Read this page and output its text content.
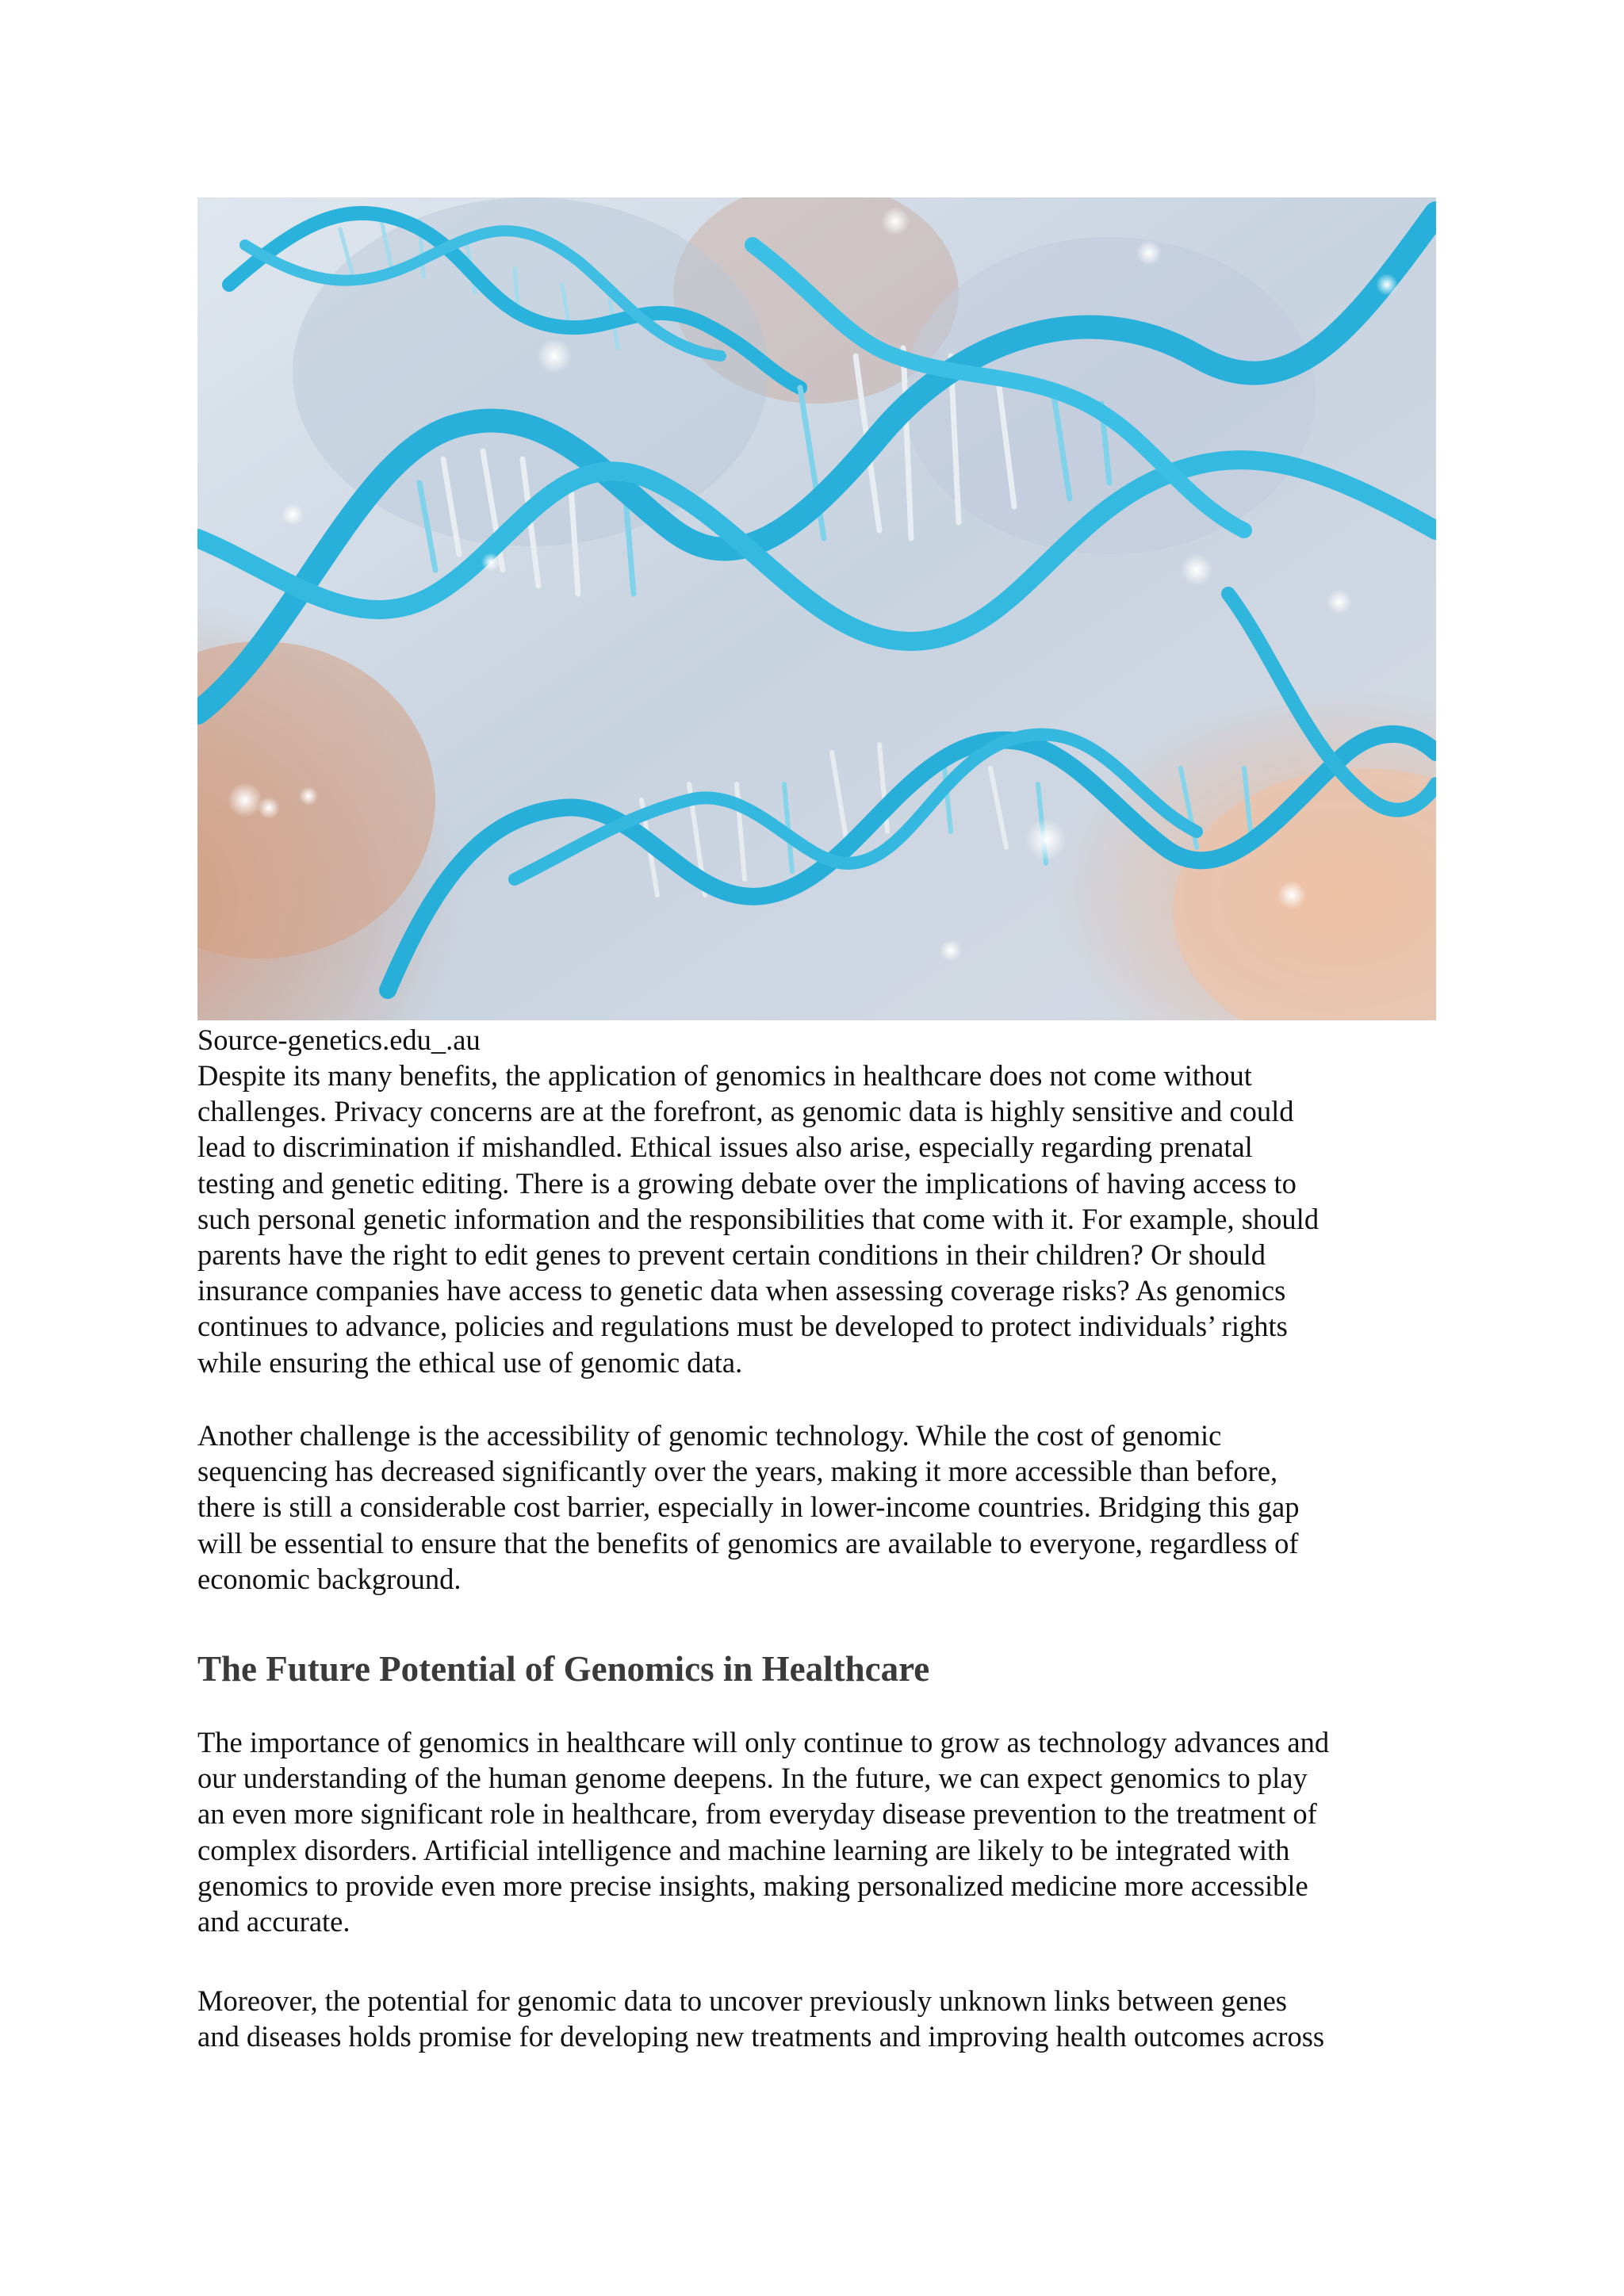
Source-genetics.edu_.au
Despite its many benefits, the application of genomics in healthcare does not come without
challenges. Privacy concerns are at the forefront, as genomic data is highly sensitive and could
lead to discrimination if mishandled. Ethical issues also arise, especially regarding prenatal
testing and genetic editing. There is a growing debate over the implications of having access to
such personal genetic information and the responsibilities that come with it. For example, should
parents have the right to edit genes to prevent certain conditions in their children? Or should
insurance companies have access to genetic data when assessing coverage risks? As genomics
continues to advance, policies and regulations must be developed to protect individuals’ rights
while ensuring the ethical use of genomic data.
Another challenge is the accessibility of genomic technology. While the cost of genomic
sequencing has decreased significantly over the years, making it more accessible than before,
there is still a considerable cost barrier, especially in lower-income countries. Bridging this gap
will be essential to ensure that the benefits of genomics are available to everyone, regardless of
economic background.
The Future Potential of Genomics in Healthcare
The importance of genomics in healthcare will only continue to grow as technology advances and
our understanding of the human genome deepens. In the future, we can expect genomics to play
an even more significant role in healthcare, from everyday disease prevention to the treatment of
complex disorders. Artificial intelligence and machine learning are likely to be integrated with
genomics to provide even more precise insights, making personalized medicine more accessible
and accurate.
Moreover, the potential for genomic data to uncover previously unknown links between genes
and diseases holds promise for developing new treatments and improving health outcomes across
